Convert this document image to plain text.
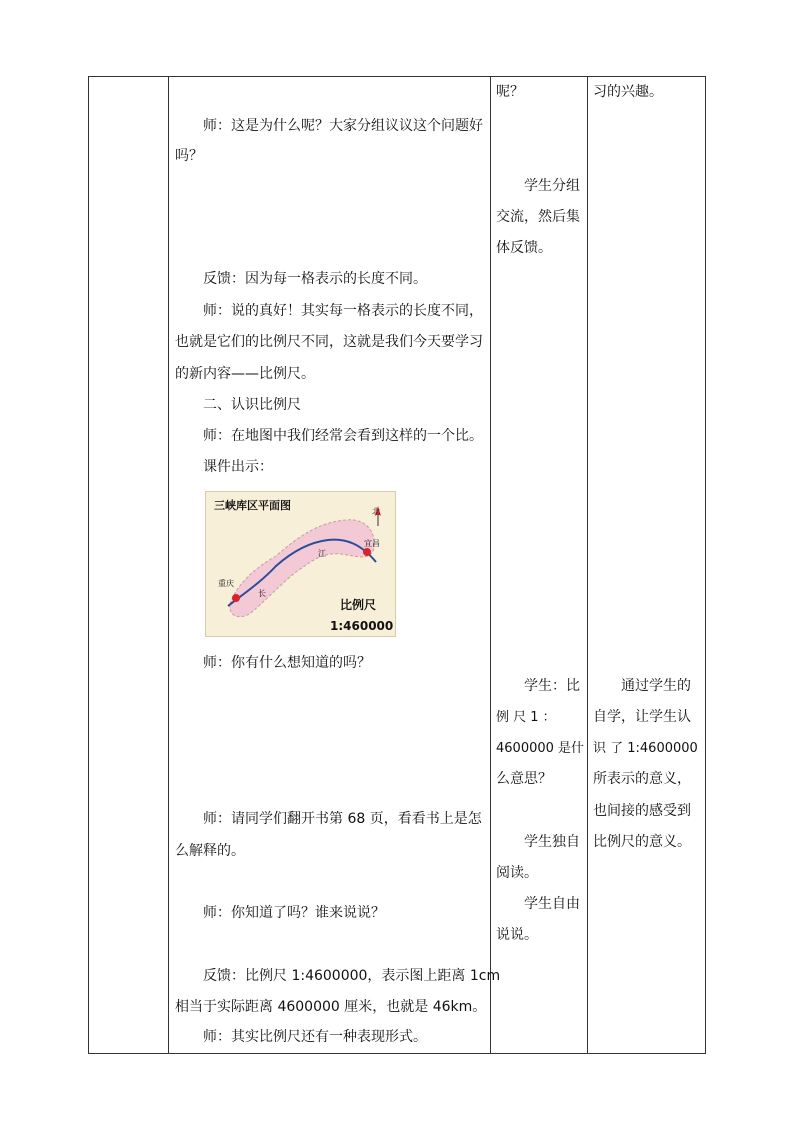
师：这是为什么呢？大家分组议议这个问题好
吗？
反馈：因为每一格表示的长度不同。
师：说的真好！其实每一格表示的长度不同，
也就是它们的比例尺不同，这就是我们今天要学习
的新内容——比例尺。
二、认识比例尺
师：在地图中我们经常会看到这样的一个比。
课件出示：
三峡库区平面图	北
重庆
宜昌
长
江
比例尺
1:460000
师：你有什么想知道的吗？
师：请同学们翻开书第 68 页，看看书上是怎
么解释的。
师：你知道了吗？谁来说说？
反馈：比例尺 1:4600000，表示图上距离 1cm
相当于实际距离 4600000 厘米，也就是 46km。
师：其实比例尺还有一种表现形式。
呢？
学生分组
交流，然后集
体反馈。
学生：比
例 尺 1 ：
4600000 是什
么意思？
学生独自
阅读。
学生自由
说说。
习的兴趣。
通过学生的
自学，让学生认
识 了 1:4600000
所表示的意义，
也间接的感受到
比例尺的意义。
